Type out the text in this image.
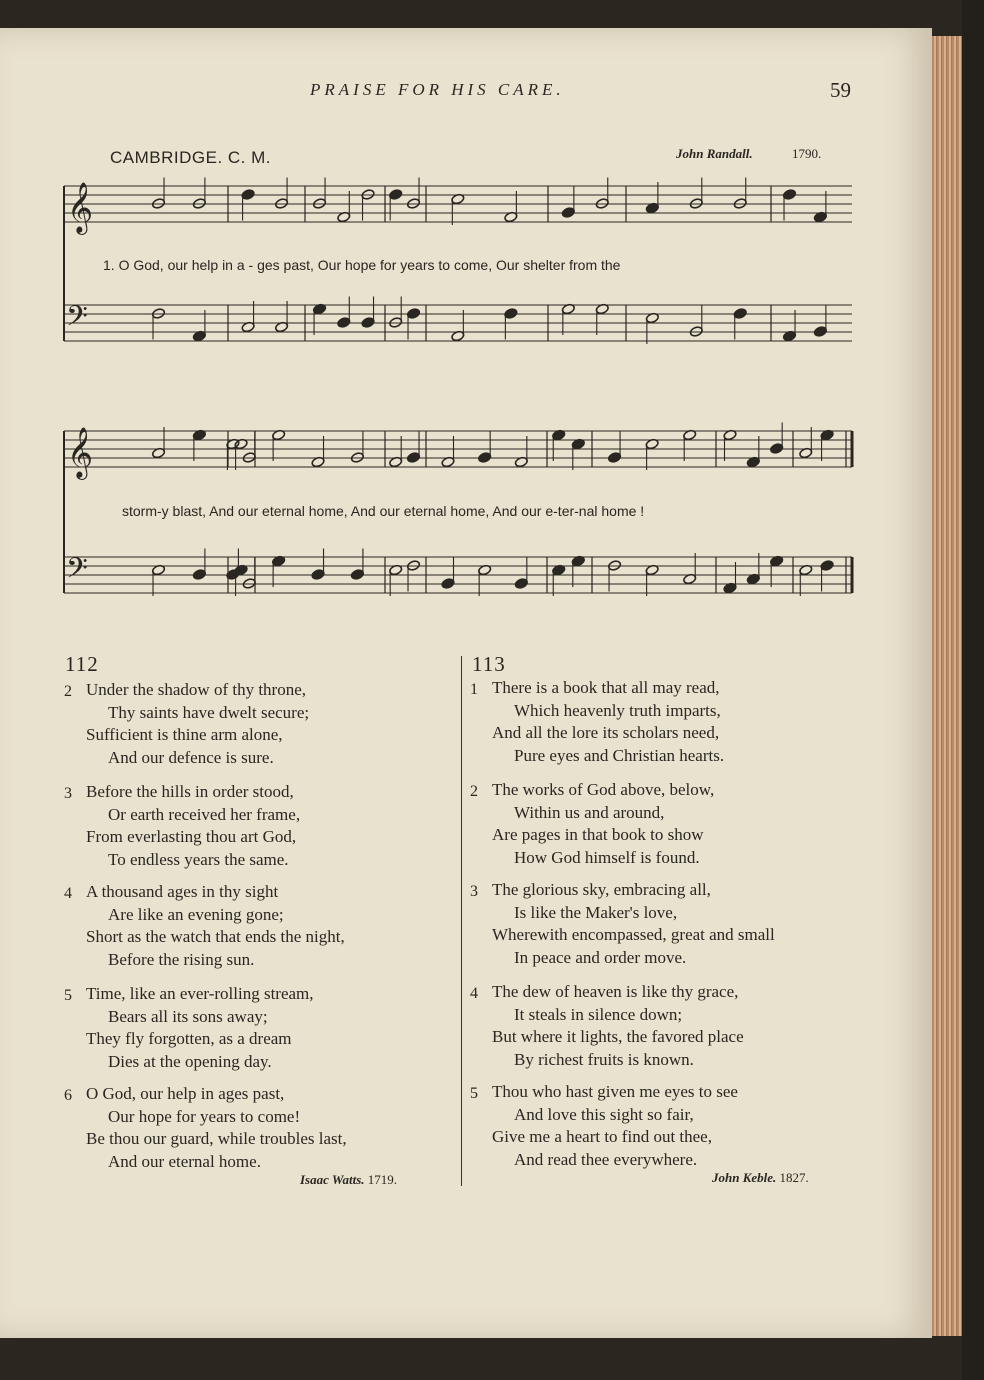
PRAISE FOR HIS CARE.	59
CAMBRIDGE. C. M.	John Randall.	1790.
𝄞
𝄢
𝄞
𝄢
1. O God, our help in a - ges past, Our hope for years to come, Our shelter from the
storm-y blast, And our eternal home, And our eternal home, And our e-ter-nal home !
112	113
2 Under the shadow of thy throne,
Thy saints have dwelt secure;
Sufficient is thine arm alone,
And our defence is sure.
3 Before the hills in order stood,
Or earth received her frame,
From everlasting thou art God,
To endless years the same.
4 A thousand ages in thy sight
Are like an evening gone;
Short as the watch that ends the night,
Before the rising sun.
5 Time, like an ever-rolling stream,
Bears all its sons away;
They fly forgotten, as a dream
Dies at the opening day.
6 O God, our help in ages past,
Our hope for years to come!
Be thou our guard, while troubles last,
And our eternal home.
1 There is a book that all may read,
Which heavenly truth imparts,
And all the lore its scholars need,
Pure eyes and Christian hearts.
2 The works of God above, below,
Within us and around,
Are pages in that book to show
How God himself is found.
3 The glorious sky, embracing all,
Is like the Maker's love,
Wherewith encompassed, great and small
In peace and order move.
4 The dew of heaven is like thy grace,
It steals in silence down;
But where it lights, the favored place
By richest fruits is known.
5 Thou who hast given me eyes to see
And love this sight so fair,
Give me a heart to find out thee,
And read thee everywhere.
Isaac Watts. 1719.	John Keble. 1827.
